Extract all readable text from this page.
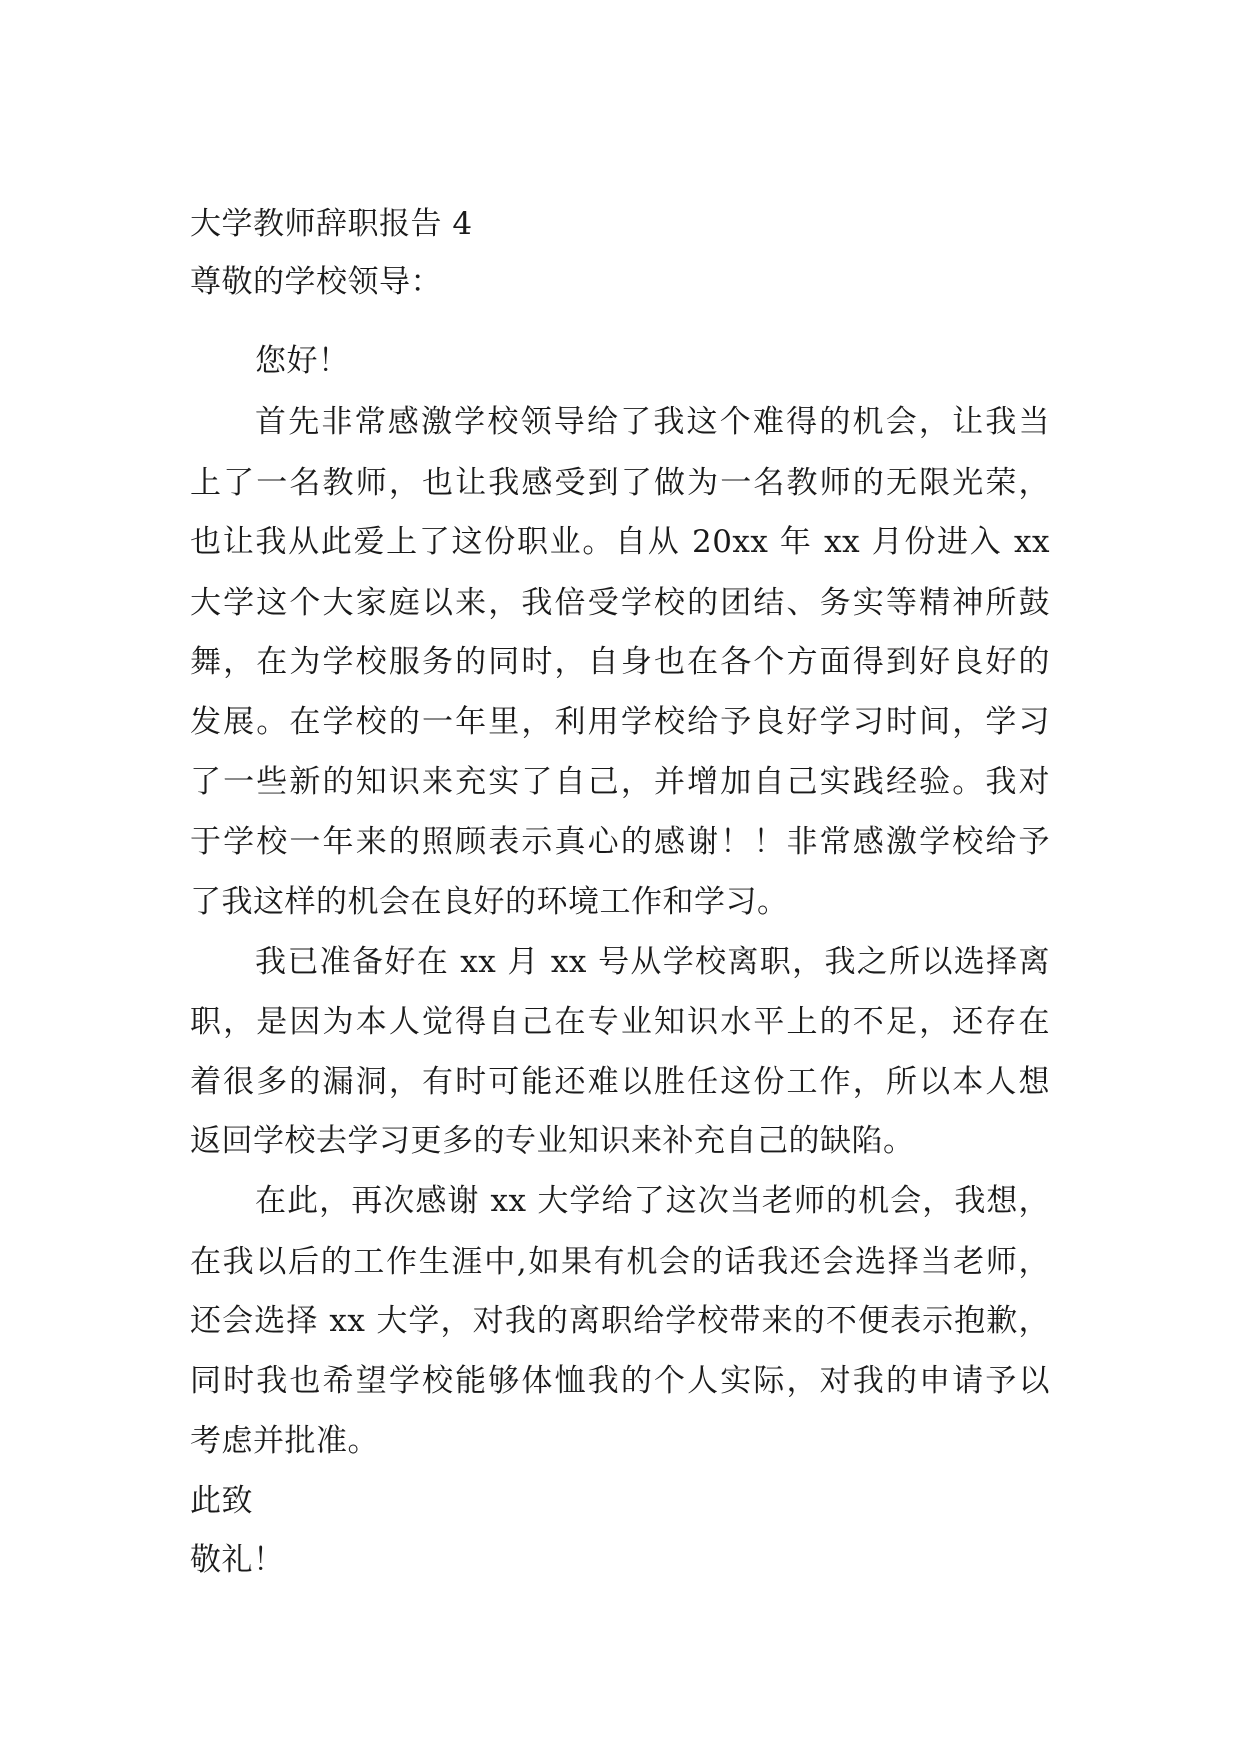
大学教师辞职报告 4
尊敬的学校领导：
您好！
首先非常感激学校领导给了我这个难得的机会，让我当
上了一名教师，也让我感受到了做为一名教师的无限光荣，
也让我从此爱上了这份职业。自从 20xx 年 xx 月份进入 xx
大学这个大家庭以来，我倍受学校的团结、务实等精神所鼓
舞，在为学校服务的同时，自身也在各个方面得到好良好的
发展。在学校的一年里，利用学校给予良好学习时间，学习
了一些新的知识来充实了自己，并增加自己实践经验。我对
于学校一年来的照顾表示真心的感谢！！非常感激学校给予
了我这样的机会在良好的环境工作和学习。
我已准备好在 xx 月 xx 号从学校离职，我之所以选择离
职，是因为本人觉得自己在专业知识水平上的不足，还存在
着很多的漏洞，有时可能还难以胜任这份工作，所以本人想
返回学校去学习更多的专业知识来补充自己的缺陷。
在此，再次感谢 xx 大学给了这次当老师的机会，我想，
在我以后的工作生涯中,如果有机会的话我还会选择当老师，
还会选择 xx 大学，对我的离职给学校带来的不便表示抱歉，
同时我也希望学校能够体恤我的个人实际，对我的申请予以
考虑并批准。
此致
敬礼！
